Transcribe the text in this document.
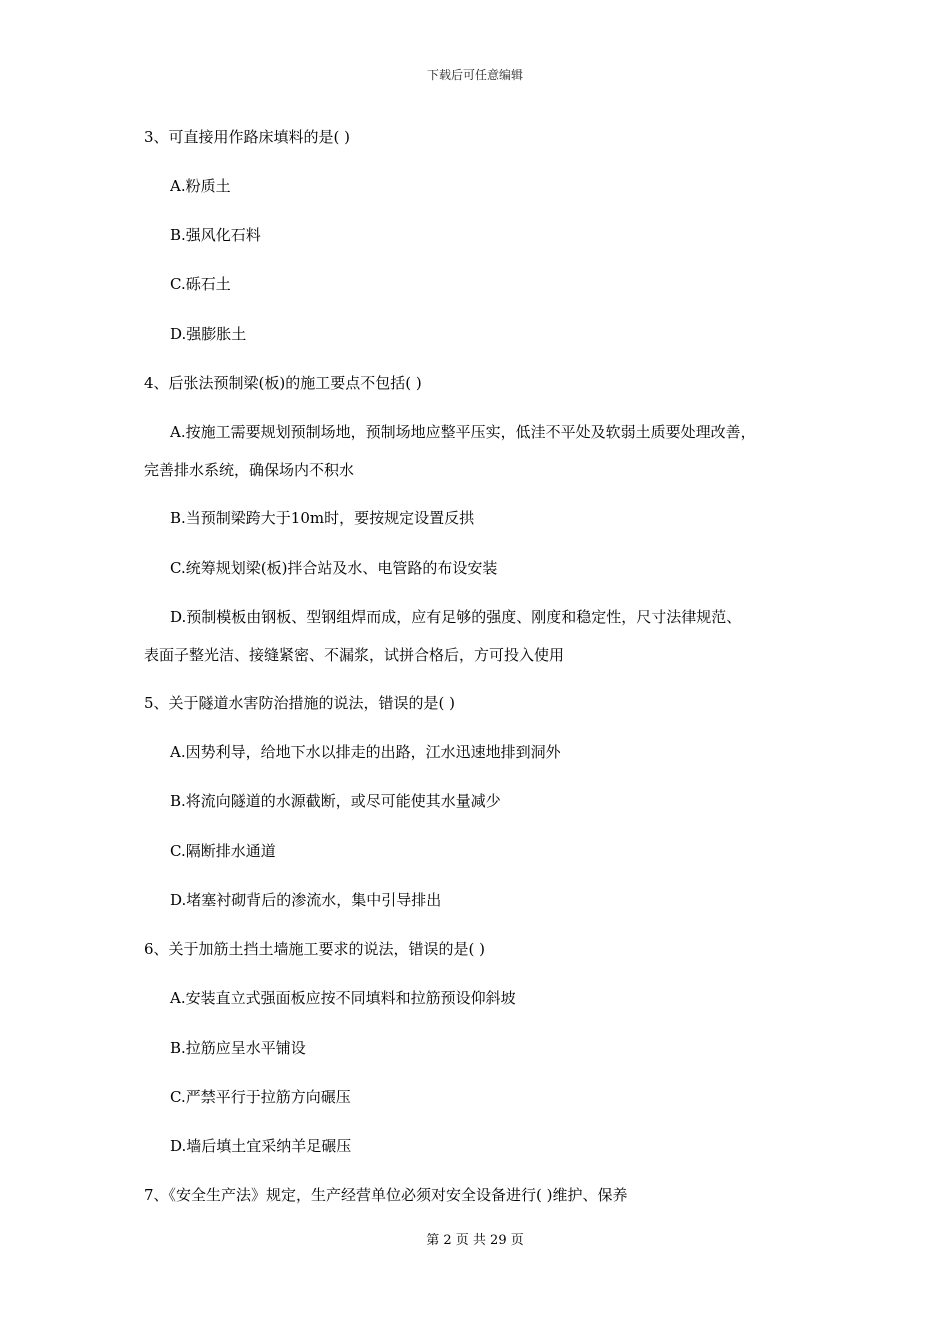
下载后可任意编辑
3、可直接用作路床填料的是( )
A.粉质土
B.强风化石料
C.砾石土
D.强膨胀土
4、后张法预制梁(板)的施工要点不包括( )
A.按施工需要规划预制场地，预制场地应整平压实，低洼不平处及软弱土质要处理改善，
完善排水系统，确保场内不积水
B.当预制梁跨大于10m时，要按规定设置反拱
C.统筹规划梁(板)拌合站及水、电管路的布设安装
D.预制模板由钢板、型钢组焊而成，应有足够的强度、刚度和稳定性，尺寸法律规范、
表面子整光洁、接缝紧密、不漏浆，试拼合格后，方可投入使用
5、关于隧道水害防治措施的说法，错误的是( )
A.因势利导，给地下水以排走的出路，江水迅速地排到洞外
B.将流向隧道的水源截断，或尽可能使其水量减少
C.隔断排水通道
D.堵塞衬砌背后的渗流水，集中引导排出
6、关于加筋土挡土墙施工要求的说法，错误的是( )
A.安装直立式强面板应按不同填料和拉筋预设仰斜坡
B.拉筋应呈水平铺设
C.严禁平行于拉筋方向碾压
D.墙后填土宜采纳羊足碾压
7、《安全生产法》规定，生产经营单位必须对安全设备进行( )维护、保养
第 2 页 共 29 页
